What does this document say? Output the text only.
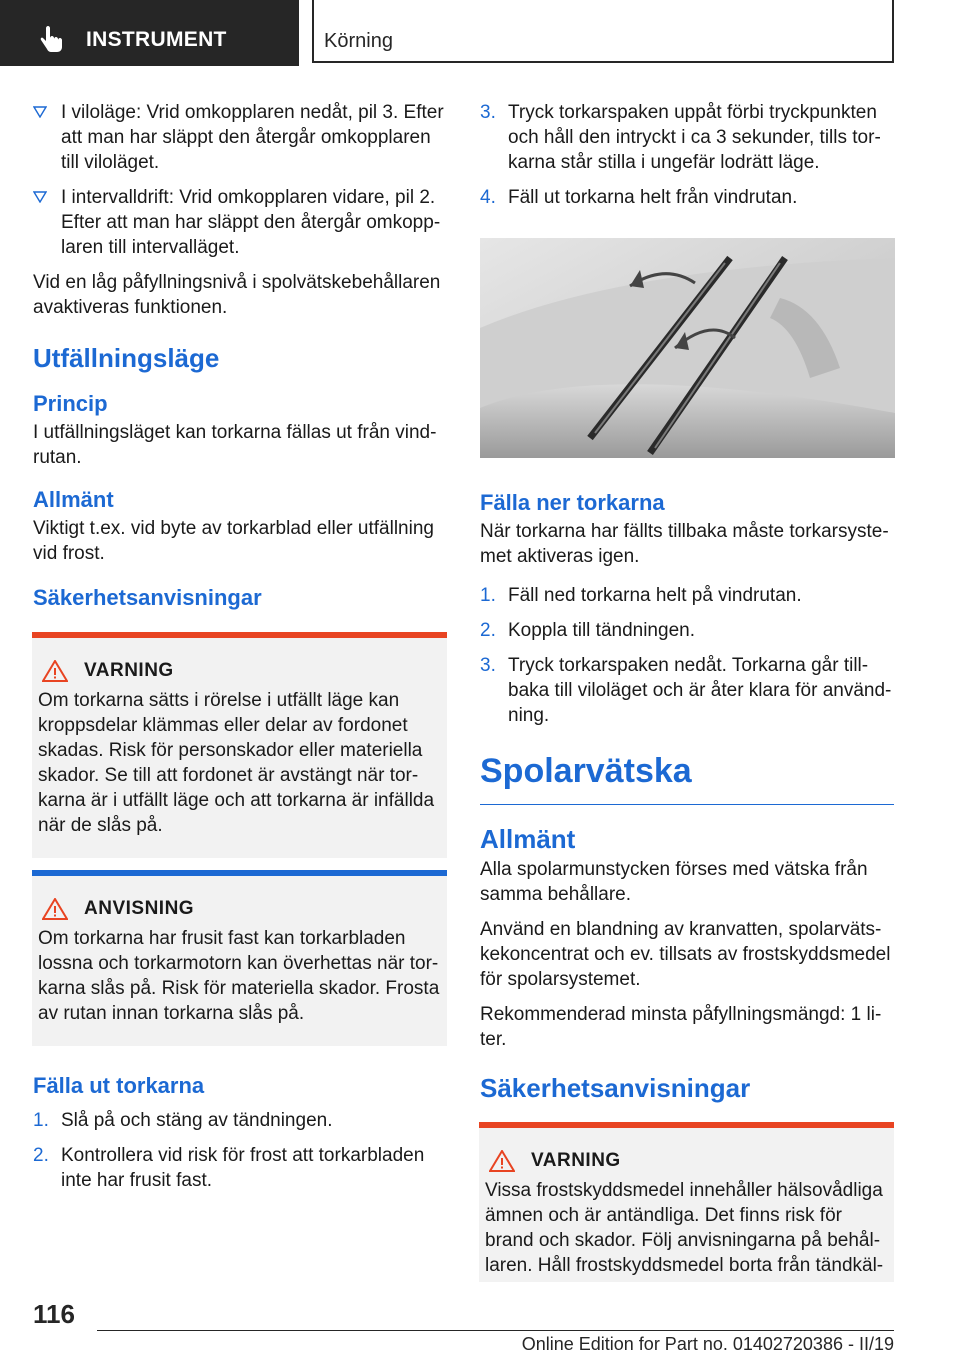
INSTRUMENT	Körning
I viloläge: Vrid omkopplaren nedåt, pil 3. Efter att man har släppt den återgår omkopplaren till viloläget.
I intervalldrift: Vrid omkopplaren vidare, pil 2. Efter att man har släppt den återgår omkopplaren till intervalläget.

Vid en låg påfyllningsnivå i spolvätskebehållaren avaktiveras funktionen.

Utfällningsläge
Princip

I utfällningsläget kan torkarna fällas ut från vindrutan.

Allmänt

Viktigt t.ex. vid byte av torkarblad eller utfällning vid frost.

Säkerhetsanvisningar
VARNING

Om torkarna sätts i rörelse i utfällt läge kan kroppsdelar klämmas eller delar av fordonet skadas. Risk för personskador eller materiella skador. Se till att fordonet är avstängt när torkarna är i utfällt läge och att torkarna är infällda när de slås på.

ANVISNING

Om torkarna har frusit fast kan torkarbladen lossna och torkarmotorn kan överhettas när torkarna slås på. Risk för materiella skador. Frosta av rutan innan torkarna slås på.

Fälla ut torkarna
1. Slå på och stäng av tändningen.
2. Kontrollera vid risk för frost att torkarbladen inte har frusit fast.
3. Tryck torkarspaken uppåt förbi tryckpunkten och håll den intryckt i ca 3 sekunder, tills torkarna står stilla i ungefär lodrätt läge.
4. Fäll ut torkarna helt från vindrutan.
Fälla ner torkarna

När torkarna har fällts tillbaka måste torkarsystemet aktiveras igen.

1. Fäll ned torkarna helt på vindrutan.
2. Koppla till tändningen.
3. Tryck torkarspaken nedåt. Torkarna går tillbaka till viloläget och är åter klara för användning.
Spolarvätska
Allmänt

Alla spolarmunstycken förses med vätska från samma behållare.

Använd en blandning av kranvatten, spolarvätskekoncentrat och ev. tillsats av frostskyddsmedel för spolarsystemet.

Rekommenderad minsta påfyllningsmängd: 1 liter.

Säkerhetsanvisningar
VARNING

Vissa frostskyddsmedel innehåller hälsovådliga ämnen och är antändliga. Det finns risk för brand och skador. Följ anvisningarna på behållaren. Håll frostskyddsmedel borta från tändkäl-

116
Online Edition for Part no. 01402720386 - II/19
